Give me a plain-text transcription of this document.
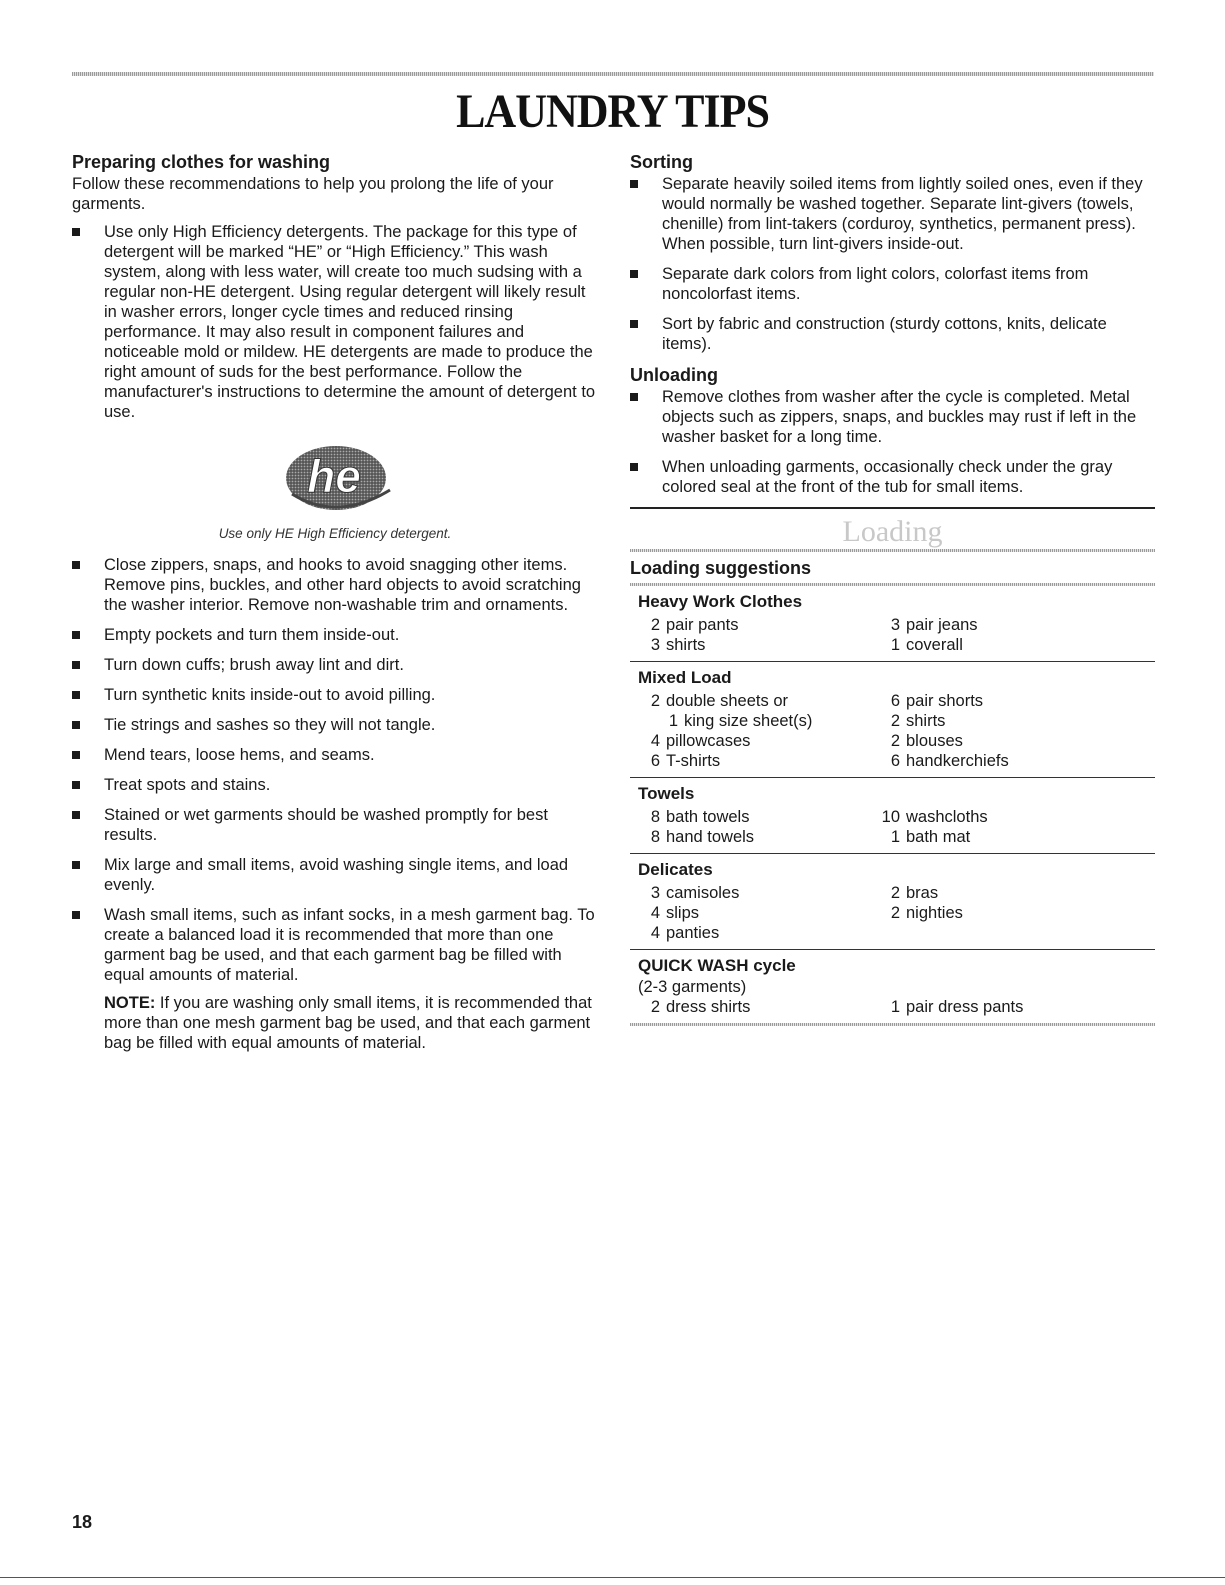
LAUNDRY TIPS
Preparing clothes for washing
Follow these recommendations to help you prolong the life of your garments.
Use only High Efficiency detergents. The package for this type of detergent will be marked “HE” or “High Efficiency.” This wash system, along with less water, will create too much sudsing with a regular non-HE detergent. Using regular detergent will likely result in washer errors, longer cycle times and reduced rinsing performance. It may also result in component failures and noticeable mold or mildew. HE detergents are made to produce the right amount of suds for the best performance. Follow the manufacturer's instructions to determine the amount of detergent to use.
he
Use only HE High Efficiency detergent.
Close zippers, snaps, and hooks to avoid snagging other items. Remove pins, buckles, and other hard objects to avoid scratching the washer interior. Remove non-washable trim and ornaments.
Empty pockets and turn them inside-out.
Turn down cuffs; brush away lint and dirt.
Turn synthetic knits inside-out to avoid pilling.
Tie strings and sashes so they will not tangle.
Mend tears, loose hems, and seams.
Treat spots and stains.
Stained or wet garments should be washed promptly for best results.
Mix large and small items, avoid washing single items, and load evenly.
Wash small items, such as infant socks, in a mesh garment bag. To create a balanced load it is recommended that more than one garment bag be used, and that each garment bag be filled with equal amounts of material.
NOTE: If you are washing only small items, it is recommended that more than one mesh garment bag be used, and that each garment bag be filled with equal amounts of material.
Sorting
Separate heavily soiled items from lightly soiled ones, even if they would normally be washed together. Separate lint-givers (towels, chenille) from lint-takers (corduroy, synthetics, permanent press). When possible, turn lint-givers inside-out.
Separate dark colors from light colors, colorfast items from noncolorfast items.
Sort by fabric and construction (sturdy cottons, knits, delicate items).
Unloading
Remove clothes from washer after the cycle is completed. Metal objects such as zippers, snaps, and buckles may rust if left in the washer basket for a long time.
When unloading garments, occasionally check under the gray colored seal at the front of the tub for small items.
Loading
Loading suggestions
Heavy Work Clothes
2 pair pants
3 shirts
3 pair jeans
1 coverall
Mixed Load
2 double sheets or
1 king size sheet(s)
4 pillowcases
6 T-shirts
6 pair shorts
2 shirts
2 blouses
6 handkerchiefs
Towels
8 bath towels
8 hand towels
10 washcloths
1 bath mat
Delicates
3 camisoles
4 slips
4 panties
2 bras
2 nighties
QUICK WASH cycle
(2-3 garments)
2 dress shirts	1 pair dress pants
18
